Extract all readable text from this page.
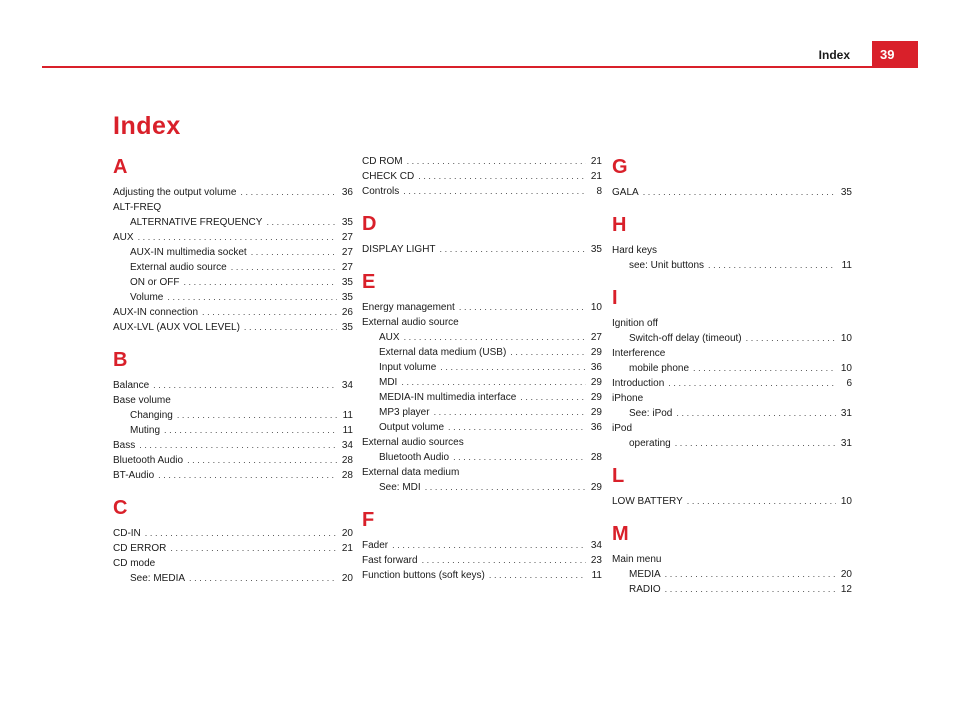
Index 39
Index
A
Adjusting the output volume .....	36
ALT-FREQ
ALTERNATIVE FREQUENCY .....	35
AUX .....	27
AUX-IN multimedia socket .....	27
External audio source .....	27
ON or OFF .....	35
Volume .....	35
AUX-IN connection .....	26
AUX-LVL (AUX VOL LEVEL) .....	35
B
Balance .....	34
Base volume
Changing .....	11
Muting .....	11
Bass .....	34
Bluetooth Audio .....	28
BT-Audio .....	28
C
CD-IN .....	20
CD ERROR .....	21
CD mode
See: MEDIA .....	20
CD ROM .....	21
CHECK CD .....	21
Controls .....	8
D
DISPLAY LIGHT .....	35
E
Energy management .....	10
External audio source
AUX .....	27
External data medium (USB) .....	29
Input volume .....	36
MDI .....	29
MEDIA-IN multimedia interface .....	29
MP3 player .....	29
Output volume .....	36
External audio sources
Bluetooth Audio .....	28
External data medium
See: MDI .....	29
F
Fader .....	34
Fast forward .....	23
Function buttons (soft keys) .....	11
G
GALA .....	35
H
Hard keys
see: Unit buttons .....	11
I
Ignition off
Switch-off delay (timeout) .....	10
Interference
mobile phone .....	10
Introduction .....	6
iPhone
See: iPod .....	31
iPod
operating .....	31
L
LOW BATTERY .....	10
M
Main menu
MEDIA .....	20
RADIO .....	12
